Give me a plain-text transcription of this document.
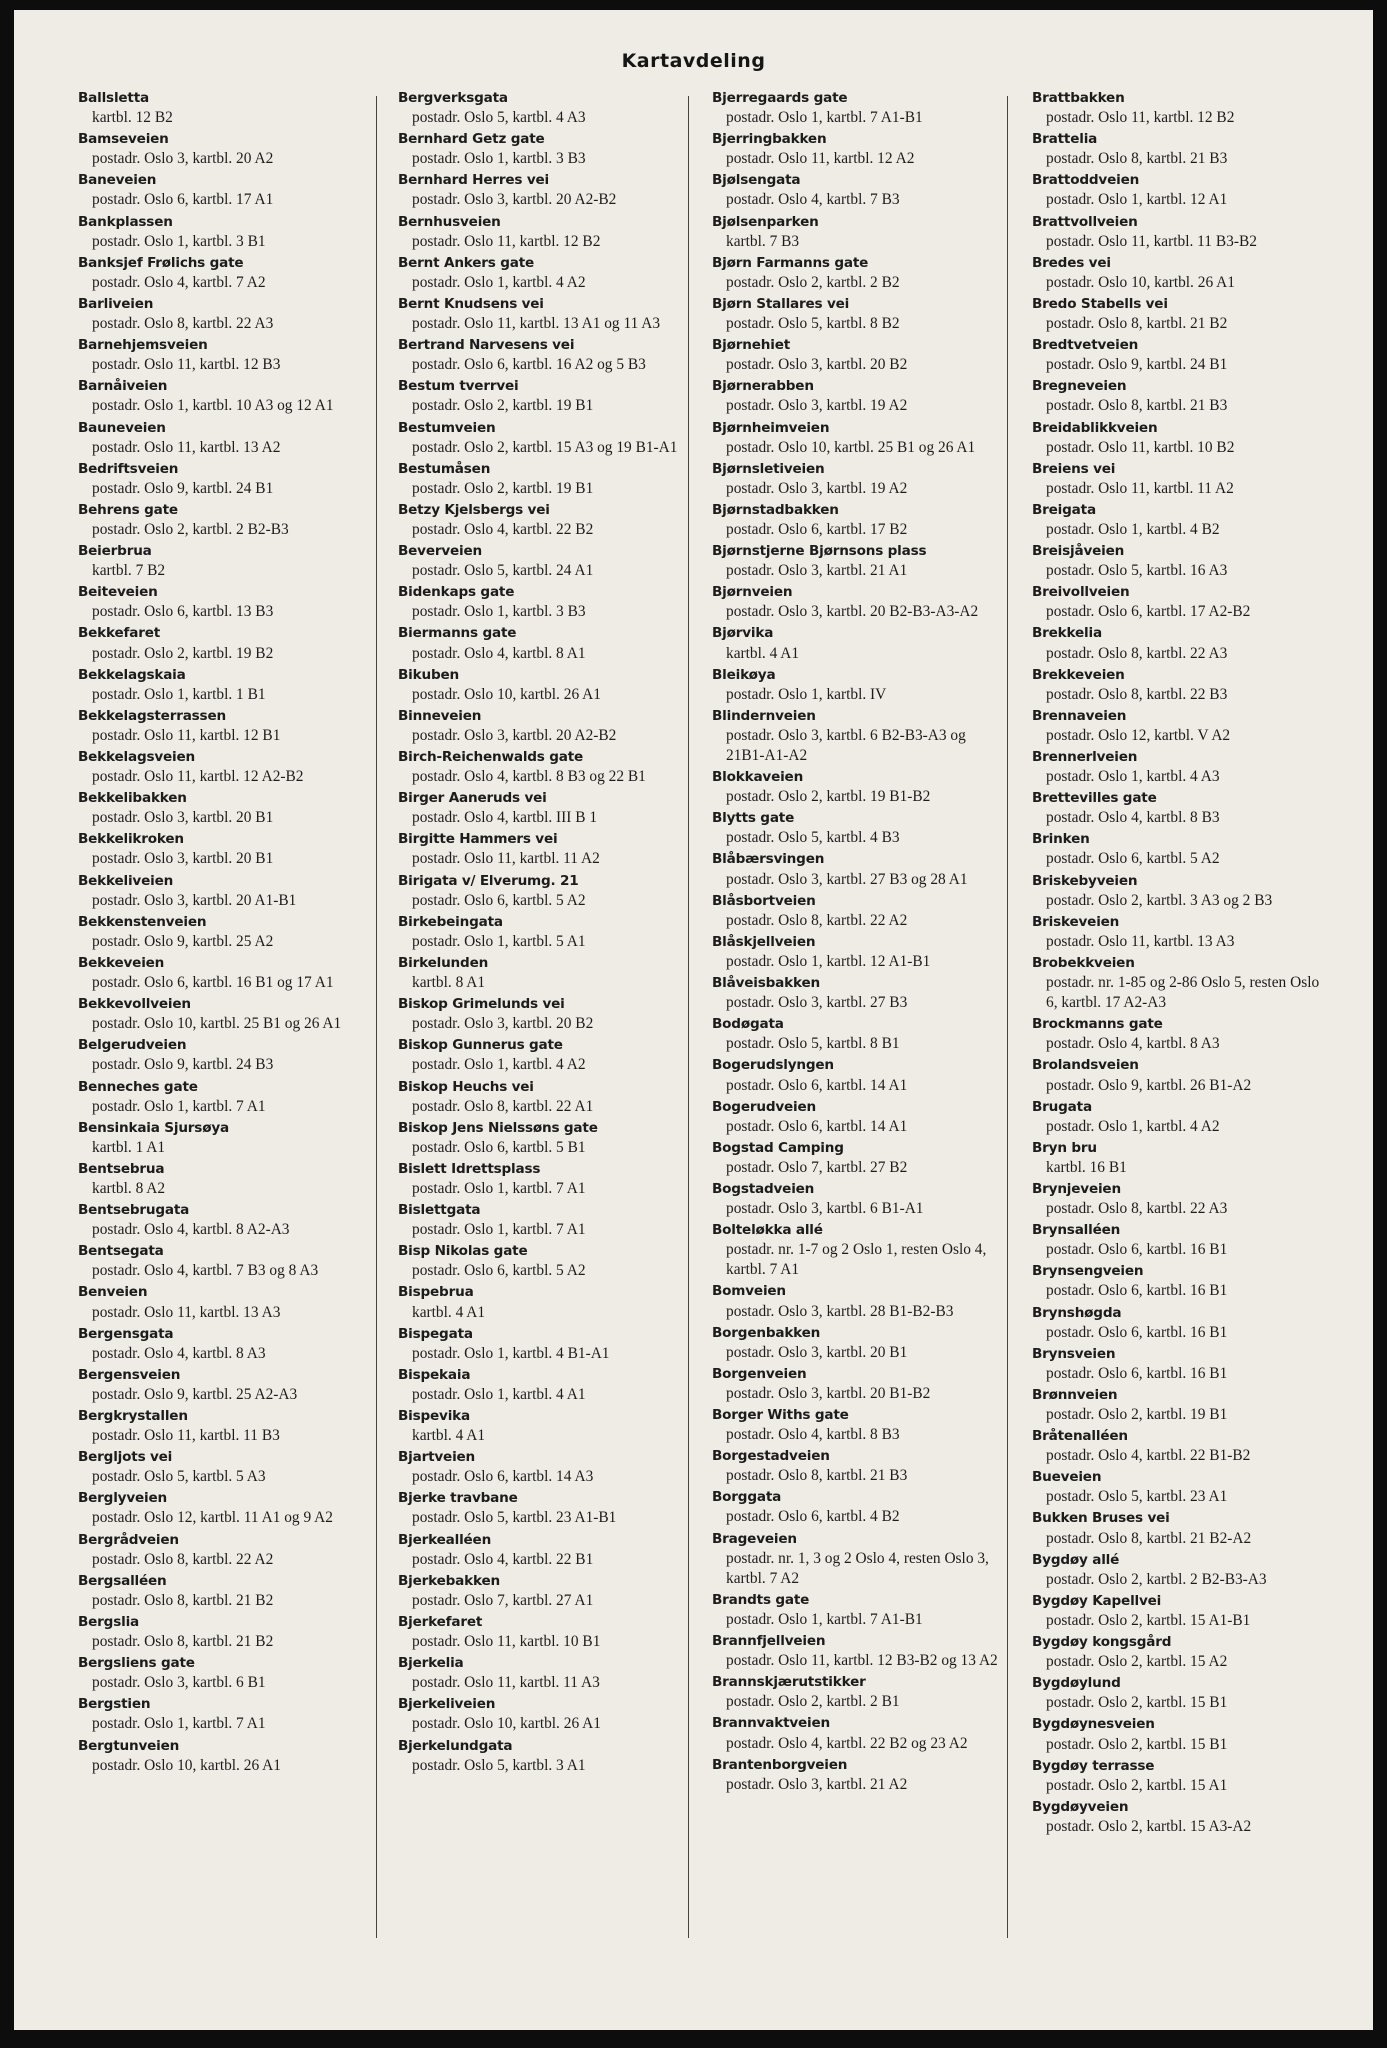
Kartavdeling
Ballsletta
kartbl. 12 B2
Bamseveien
postadr. Oslo 3, kartbl. 20 A2
Baneveien
postadr. Oslo 6, kartbl. 17 A1
Bankplassen
postadr. Oslo 1, kartbl. 3 B1
Banksjef Frølichs gate
postadr. Oslo 4, kartbl. 7 A2
Barliveien
postadr. Oslo 8, kartbl. 22 A3
Barnehjemsveien
postadr. Oslo 11, kartbl. 12 B3
Barnåiveien
postadr. Oslo 1, kartbl. 10 A3 og 12 A1
Bauneveien
postadr. Oslo 11, kartbl. 13 A2
Bedriftsveien
postadr. Oslo 9, kartbl. 24 B1
Behrens gate
postadr. Oslo 2, kartbl. 2 B2-B3
Beierbrua
kartbl. 7 B2
Beiteveien
postadr. Oslo 6, kartbl. 13 B3
Bekkefaret
postadr. Oslo 2, kartbl. 19 B2
Bekkelagskaia
postadr. Oslo 1, kartbl. 1 B1
Bekkelagsterrassen
postadr. Oslo 11, kartbl. 12 B1
Bekkelagsveien
postadr. Oslo 11, kartbl. 12 A2-B2
Bekkelibakken
postadr. Oslo 3, kartbl. 20 B1
Bekkelikroken
postadr. Oslo 3, kartbl. 20 B1
Bekkeliveien
postadr. Oslo 3, kartbl. 20 A1-B1
Bekkenstenveien
postadr. Oslo 9, kartbl. 25 A2
Bekkeveien
postadr. Oslo 6, kartbl. 16 B1 og 17 A1
Bekkevollveien
postadr. Oslo 10, kartbl. 25 B1 og 26 A1
Belgerudveien
postadr. Oslo 9, kartbl. 24 B3
Benneches gate
postadr. Oslo 1, kartbl. 7 A1
Bensinkaia Sjursøya
kartbl. 1 A1
Bentsebrua
kartbl. 8 A2
Bentsebrugata
postadr. Oslo 4, kartbl. 8 A2-A3
Bentsegata
postadr. Oslo 4, kartbl. 7 B3 og 8 A3
Benveien
postadr. Oslo 11, kartbl. 13 A3
Bergensgata
postadr. Oslo 4, kartbl. 8 A3
Bergensveien
postadr. Oslo 9, kartbl. 25 A2-A3
Bergkrystallen
postadr. Oslo 11, kartbl. 11 B3
Bergljots vei
postadr. Oslo 5, kartbl. 5 A3
Berglyveien
postadr. Oslo 12, kartbl. 11 A1 og 9 A2
Bergrådveien
postadr. Oslo 8, kartbl. 22 A2
Bergsalléen
postadr. Oslo 8, kartbl. 21 B2
Bergslia
postadr. Oslo 8, kartbl. 21 B2
Bergsliens gate
postadr. Oslo 3, kartbl. 6 B1
Bergstien
postadr. Oslo 1, kartbl. 7 A1
Bergtunveien
postadr. Oslo 10, kartbl. 26 A1
Bergverksgata
postadr. Oslo 5, kartbl. 4 A3
Bernhard Getz gate
postadr. Oslo 1, kartbl. 3 B3
Bernhard Herres vei
postadr. Oslo 3, kartbl. 20 A2-B2
Bernhusveien
postadr. Oslo 11, kartbl. 12 B2
Bernt Ankers gate
postadr. Oslo 1, kartbl. 4 A2
Bernt Knudsens vei
postadr. Oslo 11, kartbl. 13 A1 og 11 A3
Bertrand Narvesens vei
postadr. Oslo 6, kartbl. 16 A2 og 5 B3
Bestum tverrvei
postadr. Oslo 2, kartbl. 19 B1
Bestumveien
postadr. Oslo 2, kartbl. 15 A3 og 19 B1-A1
Bestumåsen
postadr. Oslo 2, kartbl. 19 B1
Betzy Kjelsbergs vei
postadr. Oslo 4, kartbl. 22 B2
Beverveien
postadr. Oslo 5, kartbl. 24 A1
Bidenkaps gate
postadr. Oslo 1, kartbl. 3 B3
Biermanns gate
postadr. Oslo 4, kartbl. 8 A1
Bikuben
postadr. Oslo 10, kartbl. 26 A1
Binneveien
postadr. Oslo 3, kartbl. 20 A2-B2
Birch-Reichenwalds gate
postadr. Oslo 4, kartbl. 8 B3 og 22 B1
Birger Aaneruds vei
postadr. Oslo 4, kartbl. III B 1
Birgitte Hammers vei
postadr. Oslo 11, kartbl. 11 A2
Birigata v/ Elverumg. 21
postadr. Oslo 6, kartbl. 5 A2
Birkebeingata
postadr. Oslo 1, kartbl. 5 A1
Birkelunden
kartbl. 8 A1
Biskop Grimelunds vei
postadr. Oslo 3, kartbl. 20 B2
Biskop Gunnerus gate
postadr. Oslo 1, kartbl. 4 A2
Biskop Heuchs vei
postadr. Oslo 8, kartbl. 22 A1
Biskop Jens Nielssøns gate
postadr. Oslo 6, kartbl. 5 B1
Bislett Idrettsplass
postadr. Oslo 1, kartbl. 7 A1
Bislettgata
postadr. Oslo 1, kartbl. 7 A1
Bisp Nikolas gate
postadr. Oslo 6, kartbl. 5 A2
Bispebrua
kartbl. 4 A1
Bispegata
postadr. Oslo 1, kartbl. 4 B1-A1
Bispekaia
postadr. Oslo 1, kartbl. 4 A1
Bispevika
kartbl. 4 A1
Bjartveien
postadr. Oslo 6, kartbl. 14 A3
Bjerke travbane
postadr. Oslo 5, kartbl. 23 A1-B1
Bjerkealléen
postadr. Oslo 4, kartbl. 22 B1
Bjerkebakken
postadr. Oslo 7, kartbl. 27 A1
Bjerkefaret
postadr. Oslo 11, kartbl. 10 B1
Bjerkelia
postadr. Oslo 11, kartbl. 11 A3
Bjerkeliveien
postadr. Oslo 10, kartbl. 26 A1
Bjerkelundgata
postadr. Oslo 5, kartbl. 3 A1
Bjerregaards gate
postadr. Oslo 1, kartbl. 7 A1-B1
Bjerringbakken
postadr. Oslo 11, kartbl. 12 A2
Bjølsengata
postadr. Oslo 4, kartbl. 7 B3
Bjølsenparken
kartbl. 7 B3
Bjørn Farmanns gate
postadr. Oslo 2, kartbl. 2 B2
Bjørn Stallares vei
postadr. Oslo 5, kartbl. 8 B2
Bjørnehiet
postadr. Oslo 3, kartbl. 20 B2
Bjørnerabben
postadr. Oslo 3, kartbl. 19 A2
Bjørnheimveien
postadr. Oslo 10, kartbl. 25 B1 og 26 A1
Bjørnsletiveien
postadr. Oslo 3, kartbl. 19 A2
Bjørnstadbakken
postadr. Oslo 6, kartbl. 17 B2
Bjørnstjerne Bjørnsons plass
postadr. Oslo 3, kartbl. 21 A1
Bjørnveien
postadr. Oslo 3, kartbl. 20 B2-B3-A3-A2
Bjørvika
kartbl. 4 A1
Bleikøya
postadr. Oslo 1, kartbl. IV
Blindernveien
postadr. Oslo 3, kartbl. 6 B2-B3-A3 og 21B1-A1-A2
Blokkaveien
postadr. Oslo 2, kartbl. 19 B1-B2
Blytts gate
postadr. Oslo 5, kartbl. 4 B3
Blåbærsvingen
postadr. Oslo 3, kartbl. 27 B3 og 28 A1
Blåsbortveien
postadr. Oslo 8, kartbl. 22 A2
Blåskjellveien
postadr. Oslo 1, kartbl. 12 A1-B1
Blåveisbakken
postadr. Oslo 3, kartbl. 27 B3
Bodøgata
postadr. Oslo 5, kartbl. 8 B1
Bogerudslyngen
postadr. Oslo 6, kartbl. 14 A1
Bogerudveien
postadr. Oslo 6, kartbl. 14 A1
Bogstad Camping
postadr. Oslo 7, kartbl. 27 B2
Bogstadveien
postadr. Oslo 3, kartbl. 6 B1-A1
Bolteløkka allé
postadr. nr. 1-7 og 2 Oslo 1, resten Oslo 4, kartbl. 7 A1
Bomveien
postadr. Oslo 3, kartbl. 28 B1-B2-B3
Borgenbakken
postadr. Oslo 3, kartbl. 20 B1
Borgenveien
postadr. Oslo 3, kartbl. 20 B1-B2
Borger Withs gate
postadr. Oslo 4, kartbl. 8 B3
Borgestadveien
postadr. Oslo 8, kartbl. 21 B3
Borggata
postadr. Oslo 6, kartbl. 4 B2
Brageveien
postadr. nr. 1, 3 og 2 Oslo 4, resten Oslo 3, kartbl. 7 A2
Brandts gate
postadr. Oslo 1, kartbl. 7 A1-B1
Brannfjellveien
postadr. Oslo 11, kartbl. 12 B3-B2 og 13 A2
Brannskjærutstikker
postadr. Oslo 2, kartbl. 2 B1
Brannvaktveien
postadr. Oslo 4, kartbl. 22 B2 og 23 A2
Brantenborgveien
postadr. Oslo 3, kartbl. 21 A2
Brattbakken
postadr. Oslo 11, kartbl. 12 B2
Brattelia
postadr. Oslo 8, kartbl. 21 B3
Brattoddveien
postadr. Oslo 1, kartbl. 12 A1
Brattvollveien
postadr. Oslo 11, kartbl. 11 B3-B2
Bredes vei
postadr. Oslo 10, kartbl. 26 A1
Bredo Stabells vei
postadr. Oslo 8, kartbl. 21 B2
Bredtvetveien
postadr. Oslo 9, kartbl. 24 B1
Bregneveien
postadr. Oslo 8, kartbl. 21 B3
Breidablikkveien
postadr. Oslo 11, kartbl. 10 B2
Breiens vei
postadr. Oslo 11, kartbl. 11 A2
Breigata
postadr. Oslo 1, kartbl. 4 B2
Breisjåveien
postadr. Oslo 5, kartbl. 16 A3
Breivollveien
postadr. Oslo 6, kartbl. 17 A2-B2
Brekkelia
postadr. Oslo 8, kartbl. 22 A3
Brekkeveien
postadr. Oslo 8, kartbl. 22 B3
Brennaveien
postadr. Oslo 12, kartbl. V A2
Brennerlveien
postadr. Oslo 1, kartbl. 4 A3
Brettevilles gate
postadr. Oslo 4, kartbl. 8 B3
Brinken
postadr. Oslo 6, kartbl. 5 A2
Briskebyveien
postadr. Oslo 2, kartbl. 3 A3 og 2 B3
Briskeveien
postadr. Oslo 11, kartbl. 13 A3
Brobekkveien
postadr. nr. 1-85 og 2-86 Oslo 5, resten Oslo 6, kartbl. 17 A2-A3
Brockmanns gate
postadr. Oslo 4, kartbl. 8 A3
Brolandsveien
postadr. Oslo 9, kartbl. 26 B1-A2
Brugata
postadr. Oslo 1, kartbl. 4 A2
Bryn bru
kartbl. 16 B1
Brynjeveien
postadr. Oslo 8, kartbl. 22 A3
Brynsalléen
postadr. Oslo 6, kartbl. 16 B1
Brynsengveien
postadr. Oslo 6, kartbl. 16 B1
Brynshøgda
postadr. Oslo 6, kartbl. 16 B1
Brynsveien
postadr. Oslo 6, kartbl. 16 B1
Brønnveien
postadr. Oslo 2, kartbl. 19 B1
Bråtenalléen
postadr. Oslo 4, kartbl. 22 B1-B2
Bueveien
postadr. Oslo 5, kartbl. 23 A1
Bukken Bruses vei
postadr. Oslo 8, kartbl. 21 B2-A2
Bygdøy allé
postadr. Oslo 2, kartbl. 2 B2-B3-A3
Bygdøy Kapellvei
postadr. Oslo 2, kartbl. 15 A1-B1
Bygdøy kongsgård
postadr. Oslo 2, kartbl. 15 A2
Bygdøylund
postadr. Oslo 2, kartbl. 15 B1
Bygdøynesveien
postadr. Oslo 2, kartbl. 15 B1
Bygdøy terrasse
postadr. Oslo 2, kartbl. 15 A1
Bygdøyveien
postadr. Oslo 2, kartbl. 15 A3-A2
